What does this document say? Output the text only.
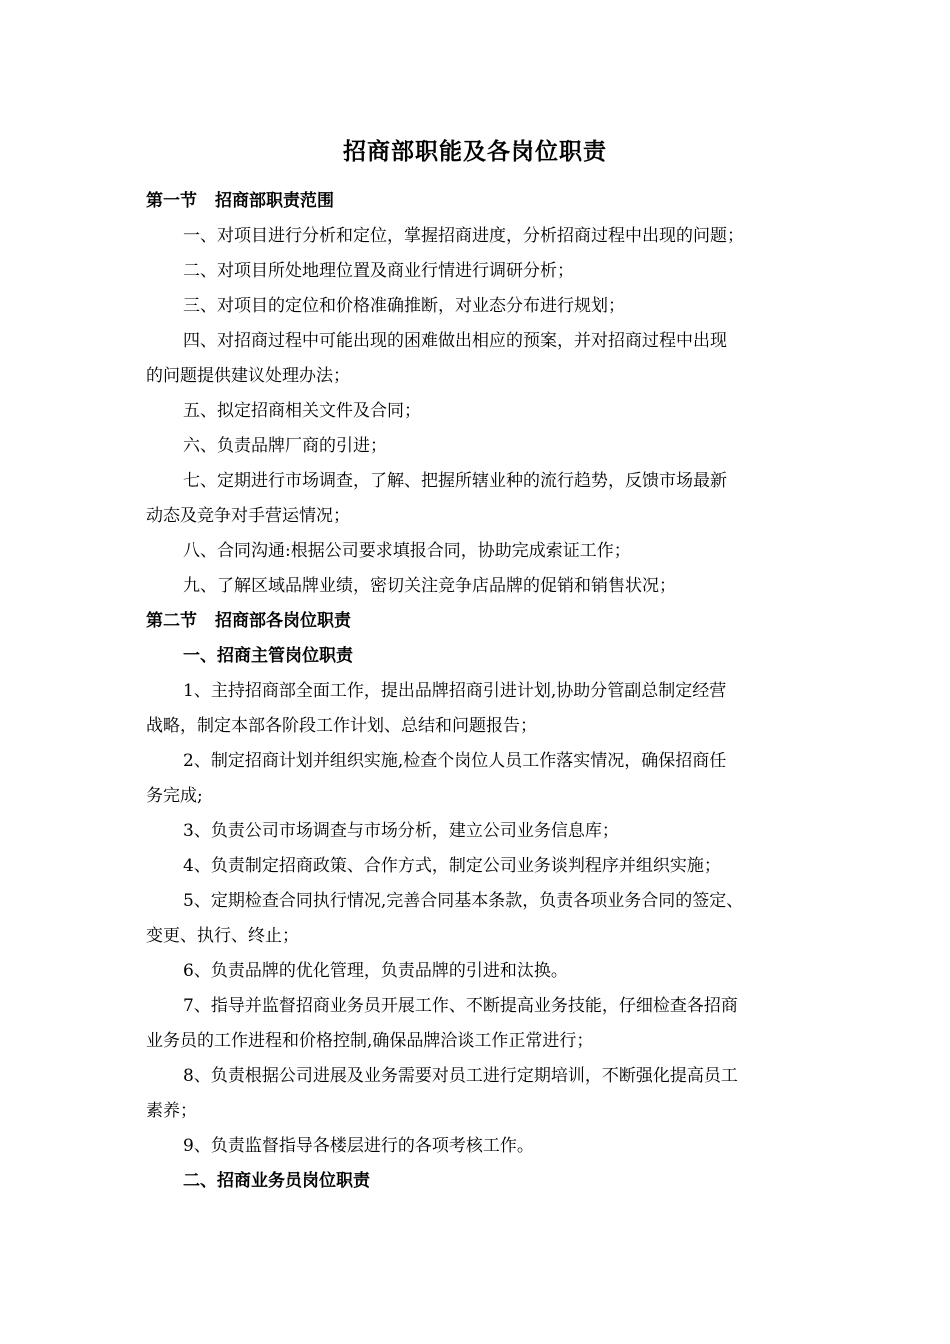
招商部职能及各岗位职责
第一节 招商部职责范围
一、对项目进行分析和定位，掌握招商进度，分析招商过程中出现的问题；
二、对项目所处地理位置及商业行情进行调研分析；
三、对项目的定位和价格准确推断，对业态分布进行规划；
四、对招商过程中可能出现的困难做出相应的预案，并对招商过程中出现
的问题提供建议处理办法；
五、拟定招商相关文件及合同；
六、负责品牌厂商的引进；
七、定期进行市场调查，了解、把握所辖业种的流行趋势，反馈市场最新
动态及竞争对手营运情况；
八、合同沟通:根据公司要求填报合同，协助完成索证工作；
九、了解区域品牌业绩，密切关注竞争店品牌的促销和销售状况；
第二节 招商部各岗位职责
一、招商主管岗位职责
1、主持招商部全面工作，提出品牌招商引进计划,协助分管副总制定经营
战略，制定本部各阶段工作计划、总结和问题报告；
2、制定招商计划并组织实施,检查个岗位人员工作落实情况，确保招商任
务完成;
3、负责公司市场调查与市场分析，建立公司业务信息库；
4、负责制定招商政策、合作方式，制定公司业务谈判程序并组织实施；
5、定期检查合同执行情况,完善合同基本条款，负责各项业务合同的签定、
变更、执行、终止；
6、负责品牌的优化管理，负责品牌的引进和汰换。
7、指导并监督招商业务员开展工作、不断提高业务技能，仔细检查各招商
业务员的工作进程和价格控制,确保品牌洽谈工作正常进行；
8、负责根据公司进展及业务需要对员工进行定期培训，不断强化提高员工
素养；
9、负责监督指导各楼层进行的各项考核工作。
二、招商业务员岗位职责
